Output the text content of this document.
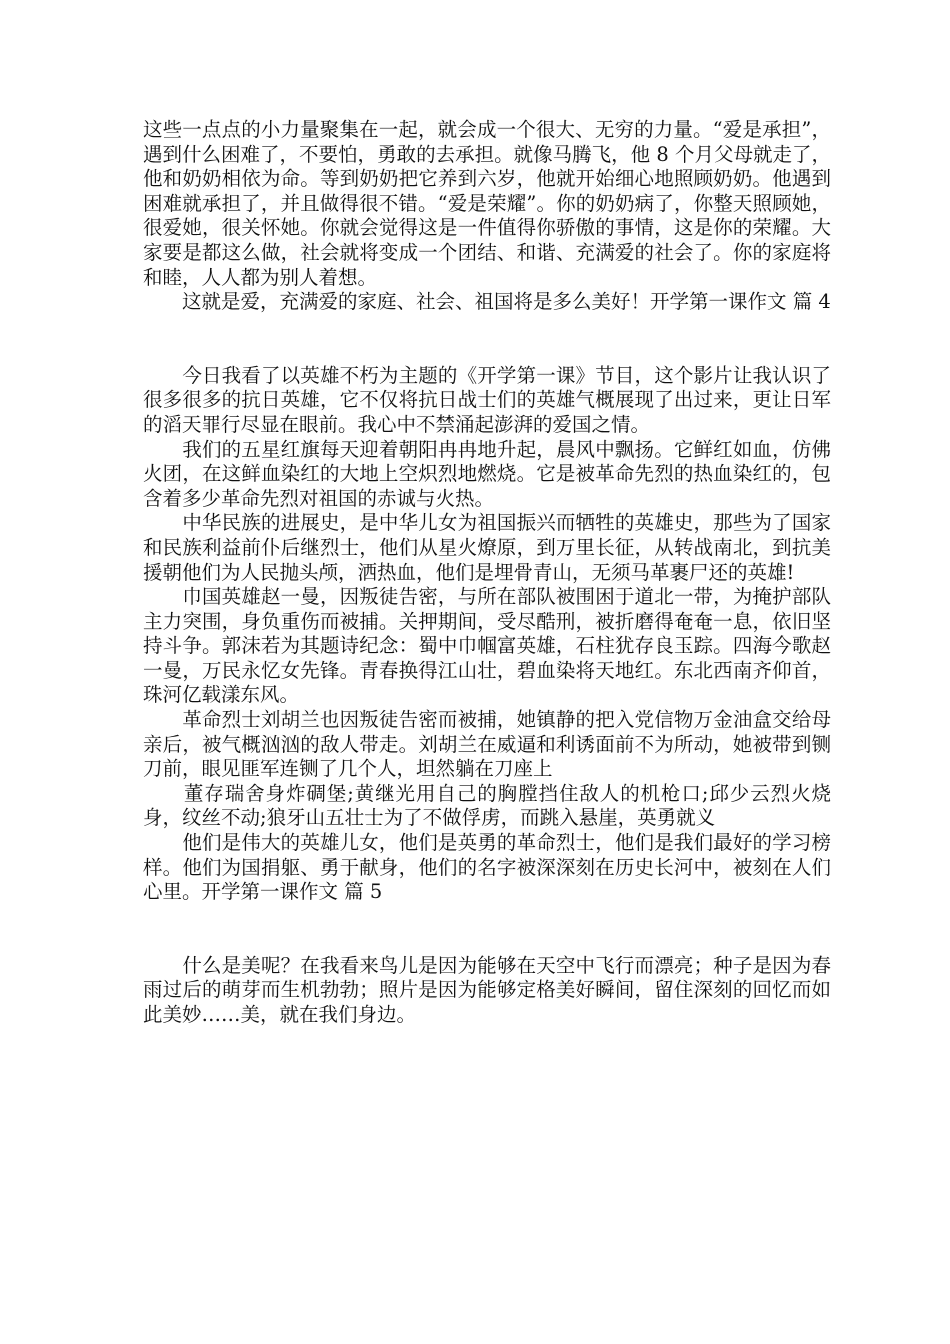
这些一点点的小力量聚集在一起，就会成一个很大、无穷的力量。“爱是承担”，遇到什么困难了，不要怕，勇敢的去承担。就像马腾飞，他 8 个月父母就走了，他和奶奶相依为命。等到奶奶把它养到六岁，他就开始细心地照顾奶奶。他遇到困难就承担了，并且做得很不错。“爱是荣耀”。你的奶奶病了，你整天照顾她，很爱她，很关怀她。你就会觉得这是一件值得你骄傲的事情，这是你的荣耀。大家要是都这么做，社会就将变成一个团结、和谐、充满爱的社会了。你的家庭将和睦，人人都为别人着想。

　　这就是爱，充满爱的家庭、社会、祖国将是多么美好！开学第一课作文 篇 4

　　今日我看了以英雄不朽为主题的《开学第一课》节目，这个影片让我认识了很多很多的抗日英雄，它不仅将抗日战士们的英雄气概展现了出过来，更让日军的滔天罪行尽显在眼前。我心中不禁涌起澎湃的爱国之情。

　　我们的五星红旗每天迎着朝阳冉冉地升起，晨风中飘扬。它鲜红如血，仿佛火团，在这鲜血染红的大地上空炽烈地燃烧。它是被革命先烈的热血染红的，包含着多少革命先烈对祖国的赤诚与火热。

　　中华民族的进展史，是中华儿女为祖国振兴而牺牲的英雄史，那些为了国家和民族利益前仆后继烈士，他们从星火燎原，到万里长征，从转战南北，到抗美援朝他们为人民抛头颅，洒热血，他们是埋骨青山，无须马革裹尸还的英雄!

　　巾国英雄赵一曼，因叛徒告密，与所在部队被围困于道北一带，为掩护部队主力突围，身负重伤而被捕。关押期间，受尽酷刑，被折磨得奄奄一息，依旧坚持斗争。郭沫若为其题诗纪念：蜀中巾帼富英雄，石柱犹存良玉踪。四海今歌赵一曼，万民永忆女先锋。青春换得江山壮，碧血染将天地红。东北西南齐仰首，珠河亿载漾东风。

　　革命烈士刘胡兰也因叛徒告密而被捕，她镇静的把入党信物万金油盒交给母亲后，被气概汹汹的敌人带走。刘胡兰在威逼和利诱面前不为所动，她被带到铡刀前，眼见匪军连铡了几个人，坦然躺在刀座上

　　董存瑞舍身炸碉堡;黄继光用自己的胸膛挡住敌人的机枪口;邱少云烈火烧身，纹丝不动;狼牙山五壮士为了不做俘虏，而跳入悬崖，英勇就义

　　他们是伟大的英雄儿女，他们是英勇的革命烈士，他们是我们最好的学习榜样。他们为国捐躯、勇于献身，他们的名字被深深刻在历史长河中，被刻在人们心里。开学第一课作文 篇 5

　　什么是美呢？在我看来鸟儿是因为能够在天空中飞行而漂亮；种子是因为春雨过后的萌芽而生机勃勃；照片是因为能够定格美好瞬间，留住深刻的回忆而如此美妙……美，就在我们身边。
